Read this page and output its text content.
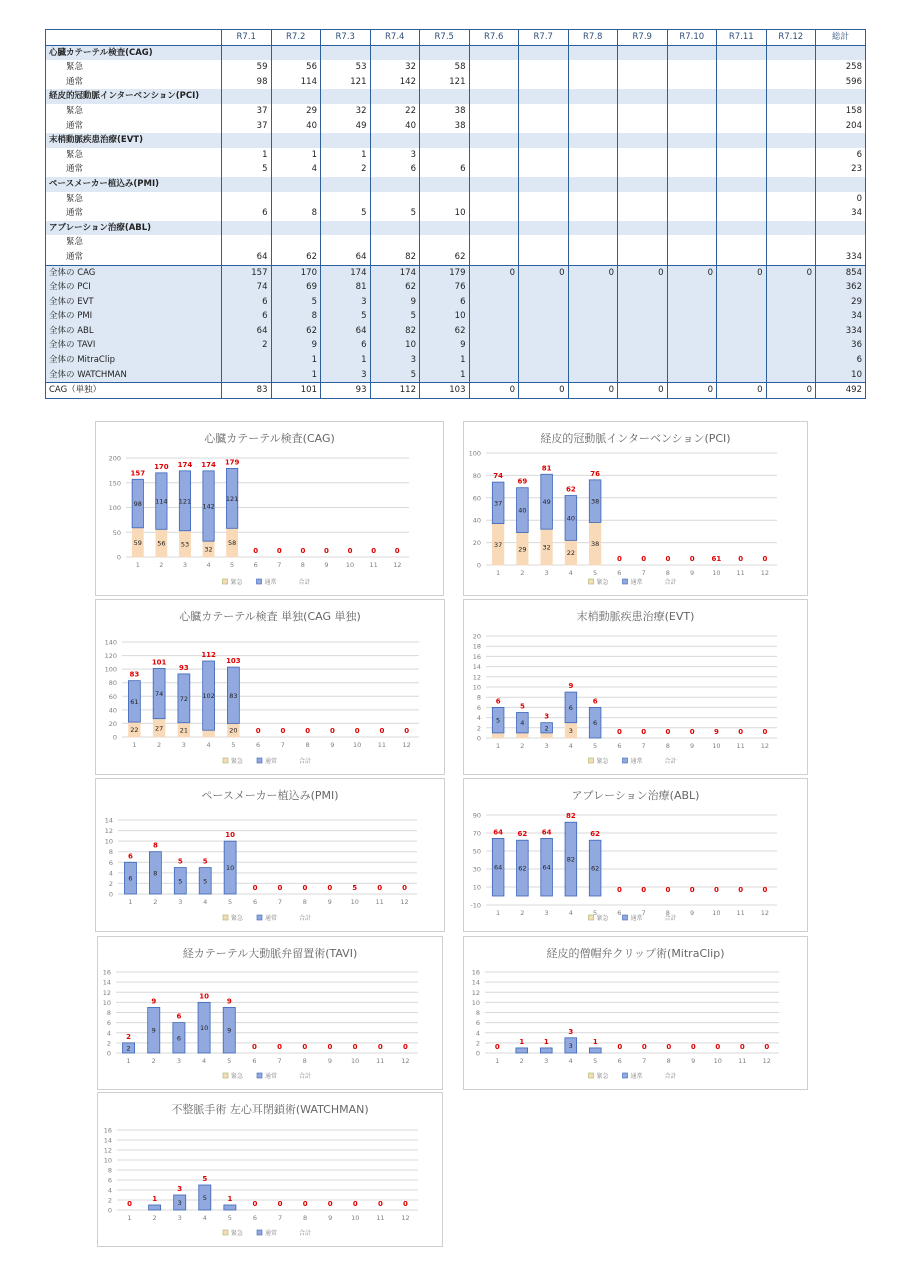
	R7.1	R7.2	R7.3	R7.4	R7.5	R7.6	R7.7	R7.8	R7.9	R7.10	R7.11	R7.12	総計
心臓カテーテル検査(CAG)													
緊急	59	56	53	32	58								258
通常	98	114	121	142	121								596
経皮的冠動脈インターベンション(PCI)													
緊急	37	29	32	22	38								158
通常	37	40	49	40	38								204
末梢動脈疾患治療(EVT)													
緊急	1	1	1	3									6
通常	5	4	2	6	6								23
ペースメーカー植込み(PMI)													
緊急													0
通常	6	8	5	5	10								34
アブレーション治療(ABL)													
緊急													
通常	64	62	64	82	62								334
全体の CAG	157	170	174	174	179	0	0	0	0	0	0	0	854
全体の PCI	74	69	81	62	76								362
全体の EVT	6	5	3	9	6								29
全体の PMI	6	8	5	5	10								34
全体の ABL	64	62	64	82	62								334
全体の TAVI	2	9	6	10	9								36
全体の MitraClip		1	1	3	1								6
全体の WATCHMAN		1	3	5	1								10
CAG（単独）	83	101	93	112	103	0	0	0	0	0	0	0	492
心臓カテーテル検査(CAG)
0
50
100
150
200
1	2	3	4	5	6	7	8	9	10 11 12
59
98
157
56
114
170
53
121
174
32
142
174
58
121
179
0	0	0	0	0	0	0
緊急	通常	合計
経皮的冠動脈インターベンション(PCI)
0
20
40
60
80
100
1	2	3	4	5	6	7	8	9	10 11 12
37
37
74
29
40
69
32
49
81
22
40
62
38
38
76
0	0	0	0 61 0	0
緊急	通常	合計
心臓カテーテル検査 単独(CAG 単独)
0
20
40
60
80
100
120
140
1	2	3	4	5	6	7	8	9	10	11	12
22
61
83
27
74
101
21
72
93
102
112
20
83
103
0	0	0	0	0	0	0
緊急	通常	合計
末梢動脈疾患治療(EVT)
0
2
4
6
8
10
12
14
16
18
20
1	2	3	4	5	6	7	8	9	10 11 12
5
6
4
5
2
3
3
6
9
6
6
0	0	0	0	9	0	0
緊急	通常	合計
ペースメーカー植込み(PMI)
0
2
4
6
8
10
12
14
1	2	3	4	5	6	7	8	9	10	11	12
6
6
8
8
5
5
5
5
10
10
0	0	0	0	5	0	0
緊急	通常	合計
アブレーション治療(ABL)
-10
10
30
50
70
90
1	2	3	4	5	6	7	8	9	10 11 12
64
64
62
62
64
64
82
82
62
62
0	0	0	0	0	0	0
緊急	通常	合計
経カテーテル大動脈弁留置術(TAVI)
0
2
4
6
8
10
12
14
16
1	2	3	4	5	6	7	8	9	10	11	12
2
2
9
9
6
6
10
10
9
9
0	0	0	0	0	0	0
緊急	通常	合計
経皮的僧帽弁クリップ術(MitraClip)
0
2
4
6
8
10
12
14
16
1	2	3	4	5	6	7	8	9	10 11 12
0
1	1	3
3
1
0	0	0	0	0	0	0
緊急	通常	合計
不整脈手術 左心耳閉鎖術(WATCHMAN)
0
2
4
6
8
10
12
14
16
1	2	3	4	5	6	7	8	9	10	11	12
0
1	3
3
5
5
1
0	0	0	0	0	0	0
緊急	通常	合計
